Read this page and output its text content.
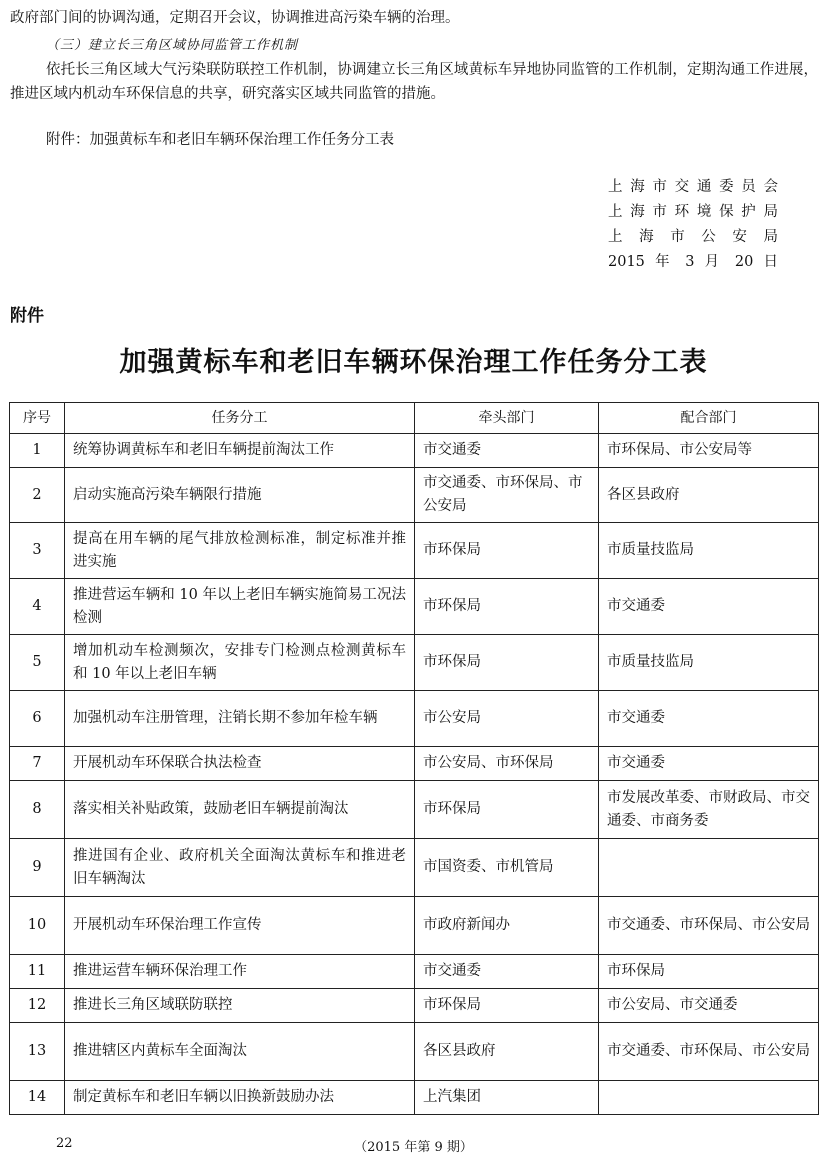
政府部门间的协调沟通，定期召开会议，协调推进高污染车辆的治理。

（三）建立长三角区域协同监管工作机制

依托长三角区域大气污染联防联控工作机制，协调建立长三角区域黄标车异地协同监管的工作机制，定期沟通工作进展，推进区域内机动车环保信息的共享，研究落实区域共同监管的措施。

附件：加强黄标车和老旧车辆环保治理工作任务分工表

上海市交通委员会
上海市环境保护局
上海市公安局
2015 年 3 月 20 日
附件
加强黄标车和老旧车辆环保治理工作任务分工表
序号	任务分工	牵头部门	配合部门
1	统筹协调黄标车和老旧车辆提前淘汰工作	市交通委	市环保局、市公安局等
2	启动实施高污染车辆限行措施	市交通委、市环保局、市公安局	各区县政府
3	提高在用车辆的尾气排放检测标准，制定标准并推进实施	市环保局	市质量技监局
4	推进营运车辆和 10 年以上老旧车辆实施简易工况法检测	市环保局	市交通委
5	增加机动车检测频次，安排专门检测点检测黄标车和 10 年以上老旧车辆	市环保局	市质量技监局
6	加强机动车注册管理，注销长期不参加年检车辆	市公安局	市交通委
7	开展机动车环保联合执法检查	市公安局、市环保局	市交通委
8	落实相关补贴政策，鼓励老旧车辆提前淘汰	市环保局	市发展改革委、市财政局、市交通委、市商务委
9	推进国有企业、政府机关全面淘汰黄标车和推进老旧车辆淘汰	市国资委、市机管局	
10	开展机动车环保治理工作宣传	市政府新闻办	市交通委、市环保局、市公安局
11	推进运营车辆环保治理工作	市交通委	市环保局
12	推进长三角区域联防联控	市环保局	市公安局、市交通委
13	推进辖区内黄标车全面淘汰	各区县政府	市交通委、市环保局、市公安局
14	制定黄标车和老旧车辆以旧换新鼓励办法	上汽集团	
22	（2015 年第 9 期）
